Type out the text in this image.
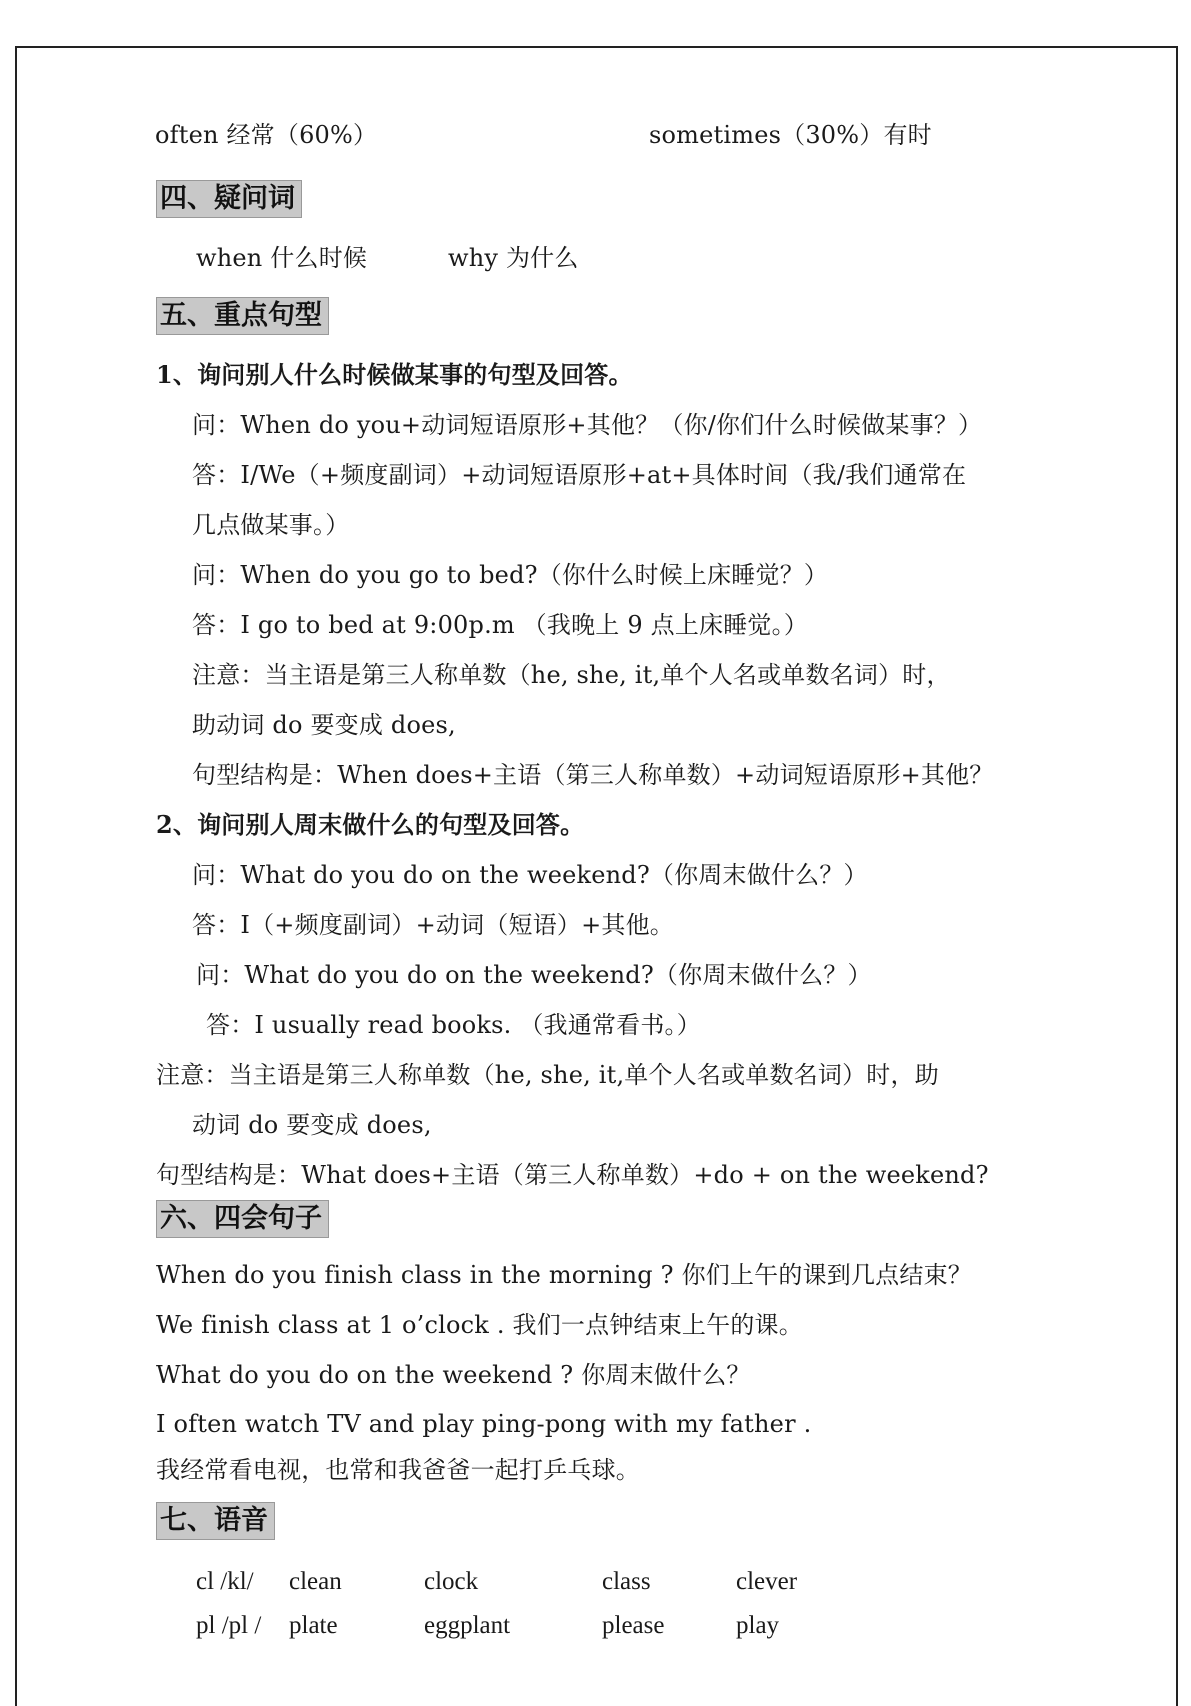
often 经常（60%）	sometimes（30%）有时
四、疑问词
when 什么时候	why 为什么
五、重点句型
1、询问别人什么时候做某事的句型及回答。
问：When do you+动词短语原形+其他？（你/你们什么时候做某事？）
答：I/We（+频度副词）+动词短语原形+at+具体时间（我/我们通常在
几点做某事。）
问：When do you go to bed?（你什么时候上床睡觉？）
答：I go to bed at 9:00p.m （我晚上 9 点上床睡觉。）
注意：当主语是第三人称单数（he, she, it,单个人名或单数名词）时，
助动词 do 要变成 does,
句型结构是：When does+主语（第三人称单数）+动词短语原形+其他？
2、询问别人周末做什么的句型及回答。
问：What do you do on the weekend?（你周末做什么？）
答：I（+频度副词）+动词（短语）+其他。
问：What do you do on the weekend?（你周末做什么？）
答：I usually read books. （我通常看书。）
注意：当主语是第三人称单数（he, she, it,单个人名或单数名词）时，助
动词 do 要变成 does,
句型结构是：What does+主语（第三人称单数）+do + on the weekend?
六、四会句子
When do you finish class in the morning ? 你们上午的课到几点结束？
We finish class at 1 o’clock . 我们一点钟结束上午的课。
What do you do on the weekend ? 你周末做什么？
I often watch TV and play ping-pong with my father .
我经常看电视，也常和我爸爸一起打乒乓球。
七、语音
cl /kl/ clean	clock	class	clever
pl /pl / plate	eggplant	please	play
